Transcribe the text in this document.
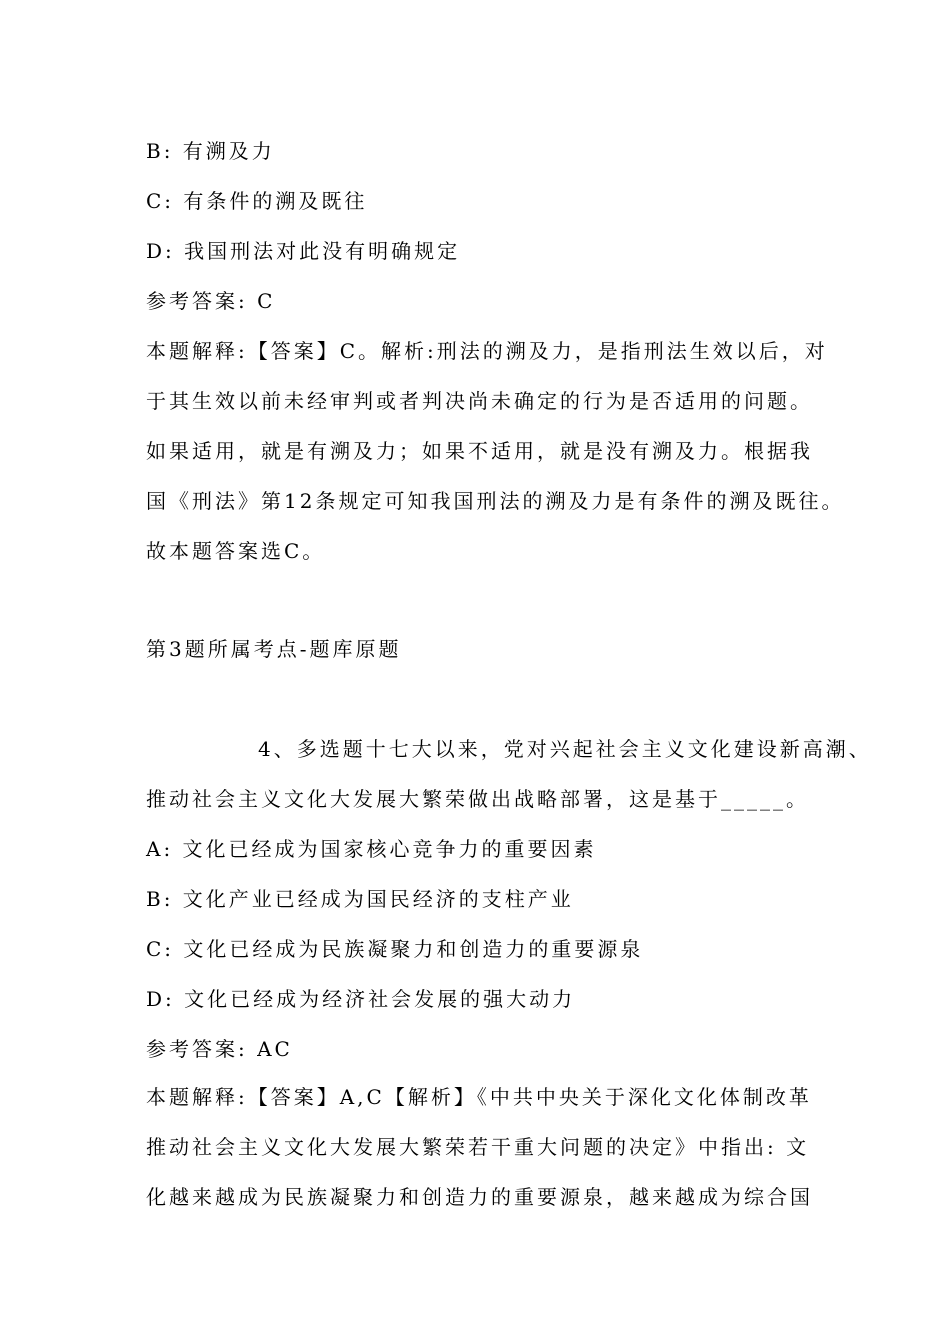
B: 有溯及力
C: 有条件的溯及既往
D: 我国刑法对此没有明确规定
参考答案: C
本题解释:【答案】C。解析:刑法的溯及力，是指刑法生效以后，对
于其生效以前未经审判或者判决尚未确定的行为是否适用的问题。
如果适用，就是有溯及力；如果不适用，就是没有溯及力。根据我
国《刑法》第12条规定可知我国刑法的溯及力是有条件的溯及既往。
故本题答案选C。
第3题所属考点-题库原题
4、多选题十七大以来，党对兴起社会主义文化建设新高潮、
推动社会主义文化大发展大繁荣做出战略部署，这是基于_____。
A: 文化已经成为国家核心竞争力的重要因素
B: 文化产业已经成为国民经济的支柱产业
C: 文化已经成为民族凝聚力和创造力的重要源泉
D: 文化已经成为经济社会发展的强大动力
参考答案: AC
本题解释:【答案】A,C【解析】《中共中央关于深化文化体制改革
推动社会主义文化大发展大繁荣若干重大问题的决定》中指出: 文
化越来越成为民族凝聚力和创造力的重要源泉，越来越成为综合国
